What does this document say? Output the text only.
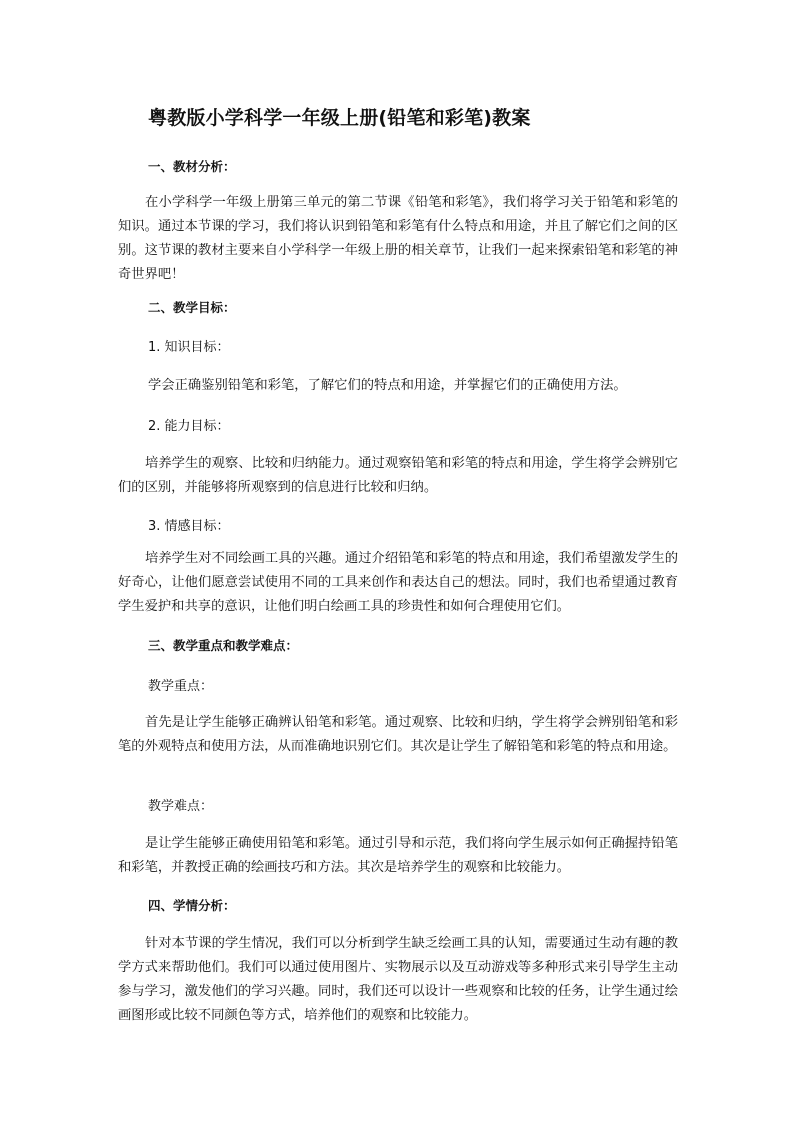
粤教版小学科学一年级上册(铅笔和彩笔)教案
一、教材分析：

在小学科学一年级上册第三单元的第二节课《铅笔和彩笔》，我们将学习关于铅笔和彩笔的知识。通过本节课的学习，我们将认识到铅笔和彩笔有什么特点和用途，并且了解它们之间的区别。这节课的教材主要来自小学科学一年级上册的相关章节，让我们一起来探索铅笔和彩笔的神奇世界吧！

二、教学目标：
1. 知识目标：

学会正确鉴别铅笔和彩笔，了解它们的特点和用途，并掌握它们的正确使用方法。

2. 能力目标：

培养学生的观察、比较和归纳能力。通过观察铅笔和彩笔的特点和用途，学生将学会辨别它们的区别，并能够将所观察到的信息进行比较和归纳。

3. 情感目标：

培养学生对不同绘画工具的兴趣。通过介绍铅笔和彩笔的特点和用途，我们希望激发学生的好奇心，让他们愿意尝试使用不同的工具来创作和表达自己的想法。同时，我们也希望通过教育学生爱护和共享的意识，让他们明白绘画工具的珍贵性和如何合理使用它们。

三、教学重点和教学难点：
教学重点：

首先是让学生能够正确辨认铅笔和彩笔。通过观察、比较和归纳，学生将学会辨别铅笔和彩笔的外观特点和使用方法，从而准确地识别它们。其次是让学生了解铅笔和彩笔的特点和用途。

教学难点：

是让学生能够正确使用铅笔和彩笔。通过引导和示范，我们将向学生展示如何正确握持铅笔和彩笔，并教授正确的绘画技巧和方法。其次是培养学生的观察和比较能力。

四、学情分析：

针对本节课的学生情况，我们可以分析到学生缺乏绘画工具的认知，需要通过生动有趣的教学方式来帮助他们。我们可以通过使用图片、实物展示以及互动游戏等多种形式来引导学生主动参与学习，激发他们的学习兴趣。同时，我们还可以设计一些观察和比较的任务，让学生通过绘画图形或比较不同颜色等方式，培养他们的观察和比较能力。
